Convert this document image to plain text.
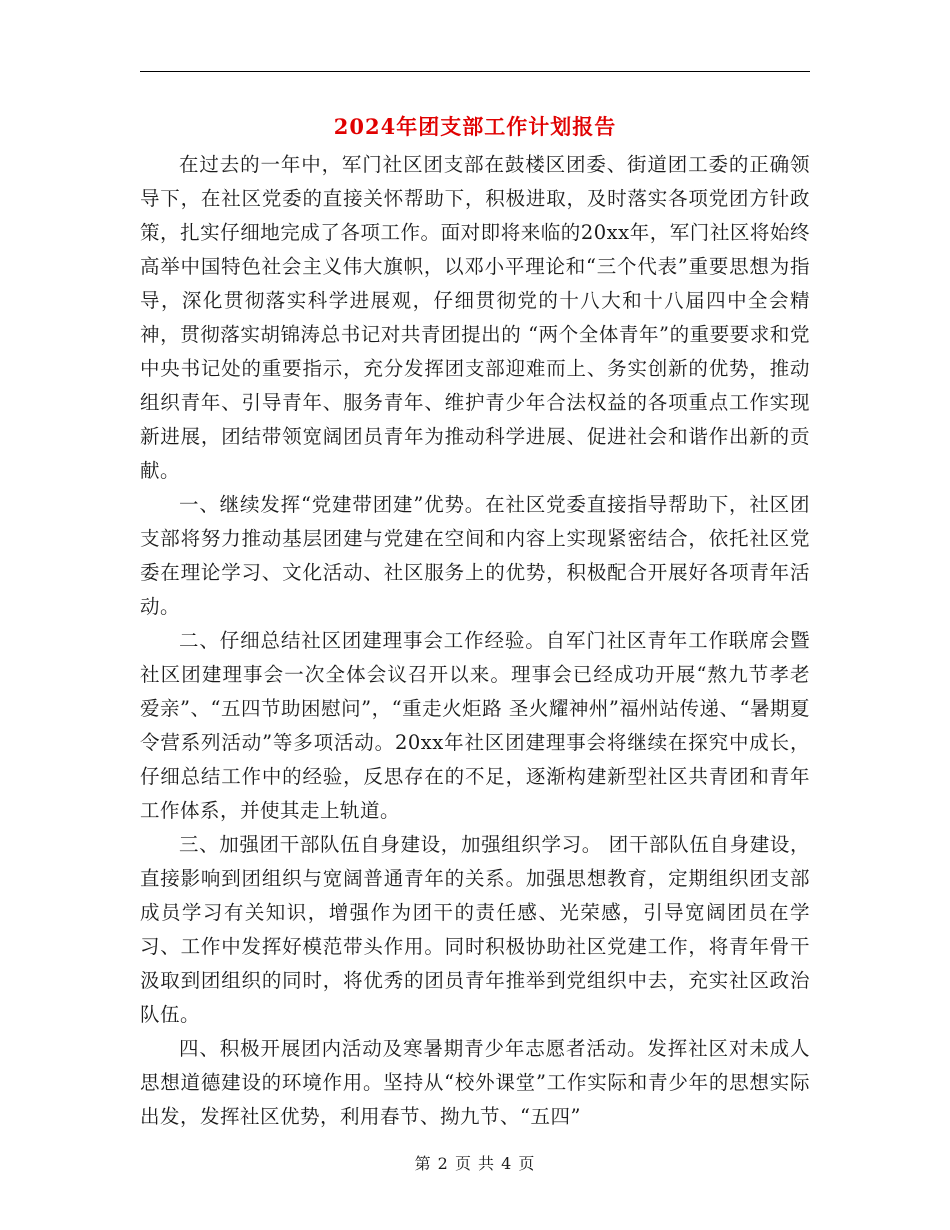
2024年团支部工作计划报告

在过去的一年中，军门社区团支部在鼓楼区团委、街道团工委的正确领导下，在社区党委的直接关怀帮助下，积极进取，及时落实各项党团方针政策，扎实仔细地完成了各项工作。面对即将来临的20xx年，军门社区将始终高举中国特色社会主义伟大旗帜，以邓小平理论和“三个代表”重要思想为指导，深化贯彻落实科学进展观，仔细贯彻党的十八大和十八届四中全会精神，贯彻落实胡锦涛总书记对共青团提出的 “两个全体青年”的重要要求和党中央书记处的重要指示，充分发挥团支部迎难而上、务实创新的优势，推动组织青年、引导青年、服务青年、维护青少年合法权益的各项重点工作实现新进展，团结带领宽阔团员青年为推动科学进展、促进社会和谐作出新的贡献。

一、继续发挥“党建带团建”优势。在社区党委直接指导帮助下，社区团支部将努力推动基层团建与党建在空间和内容上实现紧密结合，依托社区党委在理论学习、文化活动、社区服务上的优势，积极配合开展好各项青年活动。

二、仔细总结社区团建理事会工作经验。自军门社区青年工作联席会暨社区团建理事会一次全体会议召开以来。理事会已经成功开展“熬九节孝老爱亲”、“五四节助困慰问”，“重走火炬路 圣火耀神州”福州站传递、“暑期夏令营系列活动”等多项活动。20xx年社区团建理事会将继续在探究中成长，仔细总结工作中的经验，反思存在的不足，逐渐构建新型社区共青团和青年工作体系，并使其走上轨道。

三、加强团干部队伍自身建设，加强组织学习。 团干部队伍自身建设，直接影响到团组织与宽阔普通青年的关系。加强思想教育，定期组织团支部成员学习有关知识，增强作为团干的责任感、光荣感，引导宽阔团员在学习、工作中发挥好模范带头作用。同时积极协助社区党建工作，将青年骨干汲取到团组织的同时，将优秀的团员青年推举到党组织中去，充实社区政治队伍。

四、积极开展团内活动及寒暑期青少年志愿者活动。发挥社区对未成人思想道德建设的环境作用。坚持从“校外课堂”工作实际和青少年的思想实际出发，发挥社区优势，利用春节、拗九节、“五四”

第 2 页 共 4 页
